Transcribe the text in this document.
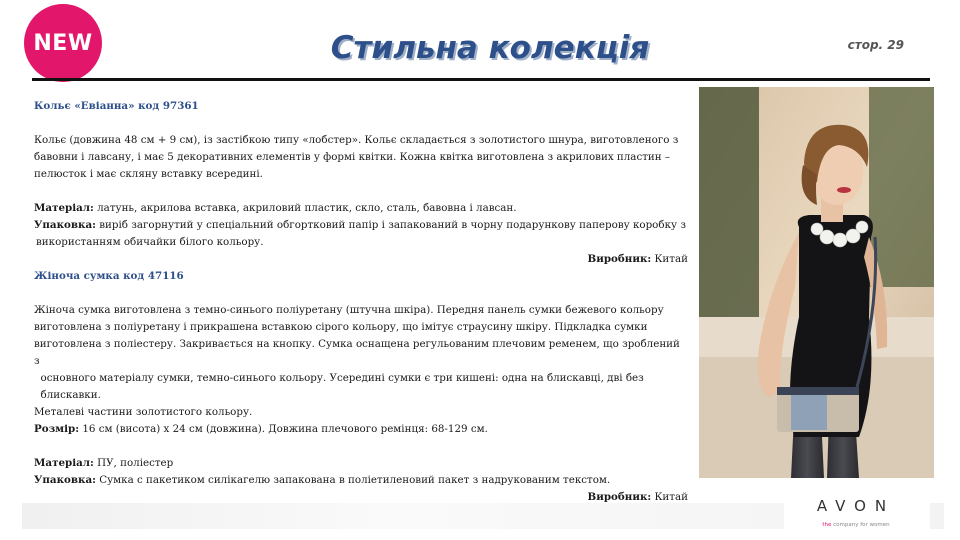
NEW	Стильна колекція	стор. 29

Кольє «Евіанна» код 97361

Кольє (довжина 48 см + 9 см), із застібкою типу «лобстер». Кольє складається з золотистого шнура, виготовленого з

бавовни і лавсану, і має 5 декоративних елементів у формі квітки. Кожна квітка виготовлена з акрилових пластин –

пелюсток і має скляну вставку всередині.

Матеріал: латунь, акрилова вставка, акриловий пластик, скло, сталь, бавовна і лавсан.

Упаковка: виріб загорнутий у спеціальний обгортковий папір і запакований в чорну подарункову паперову коробку з

використанням обичайки білого кольору.

Виробник: Китай

Жіноча сумка код 47116

Жіноча сумка виготовлена з темно-синього поліуретану (штучна шкіра). Передня панель сумки бежевого кольору

виготовлена з поліуретану і прикрашена вставкою сірого кольору, що імітує страусину шкіру. Підкладка сумки

виготовлена з поліестеру. Закривається на кнопку. Сумка оснащена регульованим плечовим ременем, що зроблений з

основного матеріалу сумки, темно-синього кольору. Усередині сумки є три кишені: одна на блискавці, дві без

блискавки.

Металеві частини золотистого кольору.

Розмір: 16 см (висота) х 24 см (довжина). Довжина плечового ремінця: 68-129 см.

Матеріал: ПУ, поліестер

Упаковка: Сумка с пакетиком силікагелю запакована в поліетиленовий пакет з надрукованим текстом.

Виробник: Китай	AVON
the company for women
